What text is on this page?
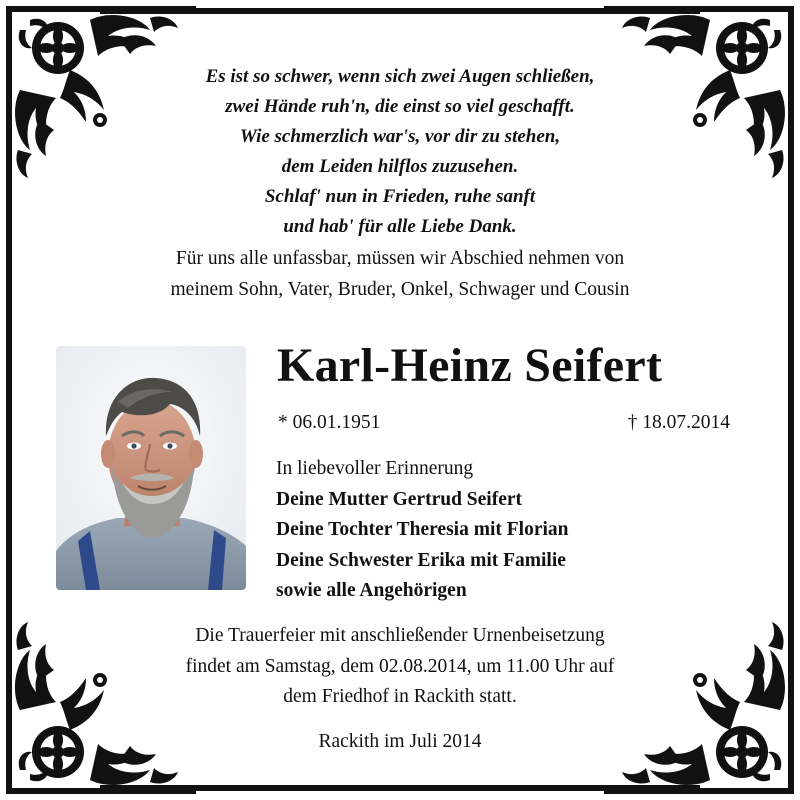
Es ist so schwer, wenn sich zwei Augen schließen,
zwei Hände ruh'n, die einst so viel geschafft.
Wie schmerzlich war's, vor dir zu stehen,
dem Leiden hilflos zuzusehen.
Schlaf' nun in Frieden, ruhe sanft
und hab' für alle Liebe Dank.
Für uns alle unfassbar, müssen wir Abschied nehmen von
meinem Sohn, Vater, Bruder, Onkel, Schwager und Cousin
Karl-Heinz Seifert
* 06.01.1951	† 18.07.2014
In liebevoller Erinnerung
Deine Mutter Gertrud Seifert
Deine Tochter Theresia mit Florian
Deine Schwester Erika mit Familie
sowie alle Angehörigen
Die Trauerfeier mit anschließender Urnenbeisetzung
findet am Samstag, dem 02.08.2014, um 11.00 Uhr auf
dem Friedhof in Rackith statt.
Rackith im Juli 2014
